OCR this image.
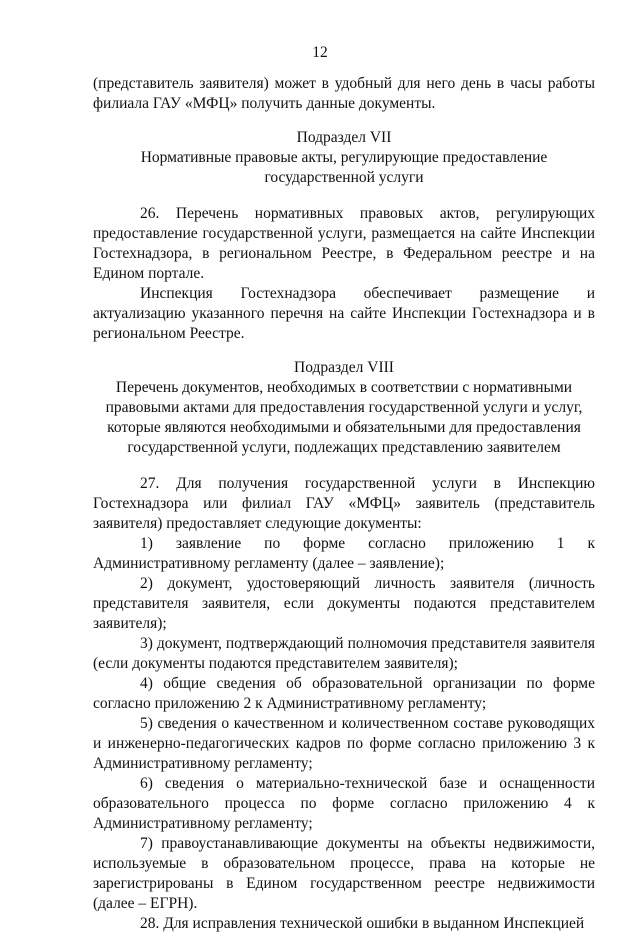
12

(представитель заявителя) может в удобный для него день в часы работы филиала ГАУ «МФЦ» получить данные документы.

Подраздел VII
Нормативные правовые акты, регулирующие предоставление
государственной услуги

26. Перечень нормативных правовых актов, регулирующих предоставление государственной услуги, размещается на сайте Инспекции Гостехнадзора, в региональном Реестре, в Федеральном реестре и на Едином портале.

Инспекция Гостехнадзора обеспечивает размещение и актуализацию указанного перечня на сайте Инспекции Гостехнадзора и в региональном Реестре.

Подраздел VIII
Перечень документов, необходимых в соответствии с нормативными
правовыми актами для предоставления государственной услуги и услуг,
которые являются необходимыми и обязательными для предоставления
государственной услуги, подлежащих представлению заявителем

27. Для получения государственной услуги в Инспекцию Гостехнадзора или филиал ГАУ «МФЦ» заявитель (представитель заявителя) предоставляет следующие документы:

1) заявление по форме согласно приложению 1 к Административному регламенту (далее – заявление);

2) документ, удостоверяющий личность заявителя (личность представителя заявителя, если документы подаются представителем заявителя);

3) документ, подтверждающий полномочия представителя заявителя (если документы подаются представителем заявителя);

4) общие сведения об образовательной организации по форме согласно приложению 2 к Административному регламенту;

5) сведения о качественном и количественном составе руководящих и инженерно-педагогических кадров по форме согласно приложению 3 к Административному регламенту;

6) сведения о материально-технической базе и оснащенности образовательного процесса по форме согласно приложению 4 к Административному регламенту;

7) правоустанавливающие документы на объекты недвижимости, используемые в образовательном процессе, права на которые не зарегистрированы в Едином государственном реестре недвижимости (далее – ЕГРН).

28. Для исправления технической ошибки в выданном Инспекцией
